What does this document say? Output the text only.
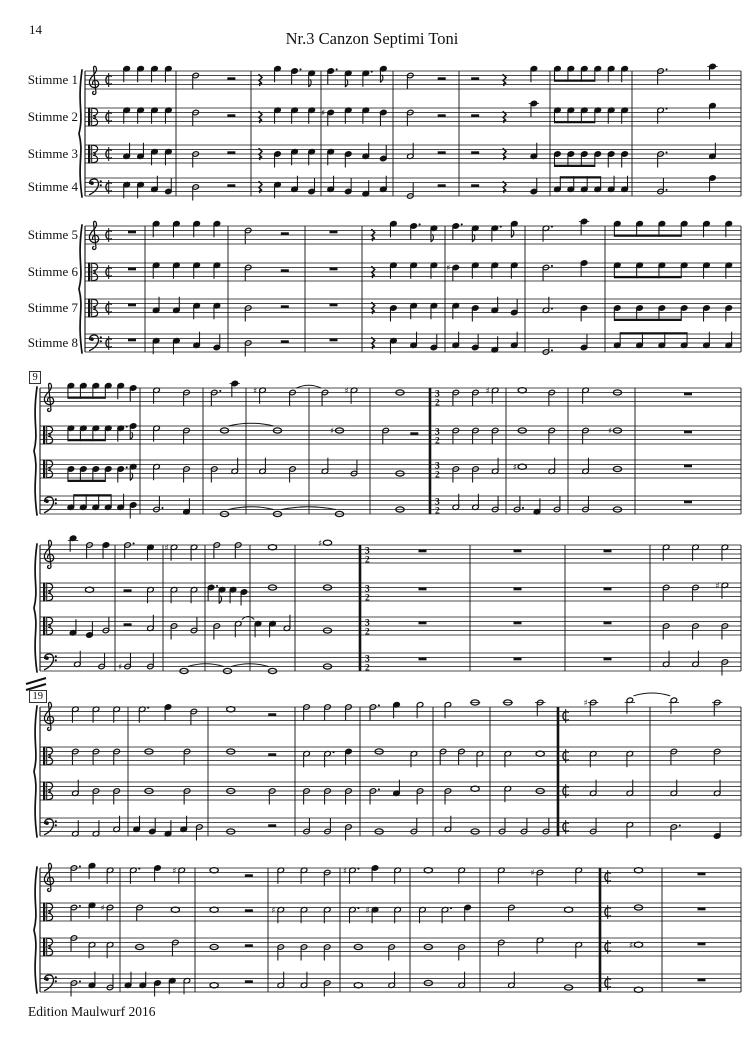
14	Nr.3 Canzon Septimi Toni
♯
♯
3
2
♯	♯	♯
3
2
♯	♯
3
2
♯
3
2
3
2
♯	♯
3
2
♯
3
2
3
2
♯
♯
♯	♯	♯
♯	♯	♯
♯
Stimme 1
Stimme 2
Stimme 3
Stimme 4
Stimme 5
Stimme 6
Stimme 7
Stimme 8
9
19
Edition Maulwurf 2016
